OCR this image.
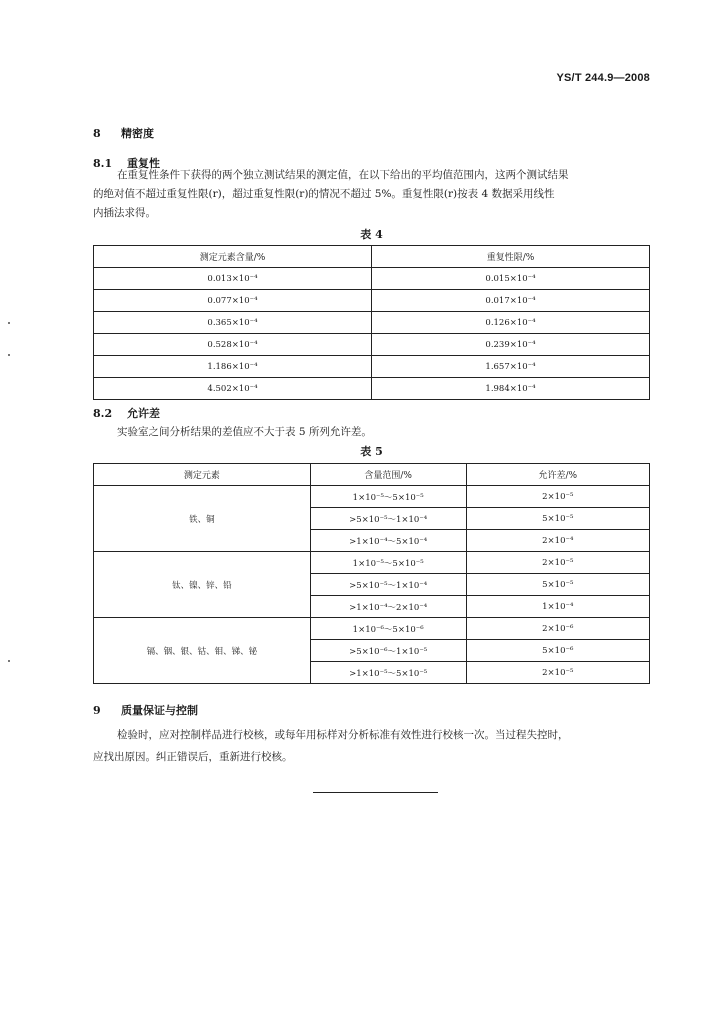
YS/T 244.9—2008
8 精密度
8.1 重复性
在重复性条件下获得的两个独立测试结果的测定值，在以下给出的平均值范围内，这两个测试结果
的绝对值不超过重复性限(r)，超过重复性限(r)的情况不超过 5%。重复性限(r)按表 4 数据采用线性
内插法求得。
表 4
测定元素含量/%	重复性限/%
0.013×10⁻⁴	0.015×10⁻⁴
0.077×10⁻⁴	0.017×10⁻⁴
0.365×10⁻⁴	0.126×10⁻⁴
0.528×10⁻⁴	0.239×10⁻⁴
1.186×10⁻⁴	1.657×10⁻⁴
4.502×10⁻⁴	1.984×10⁻⁴
8.2 允许差
实验室之间分析结果的差值应不大于表 5 所列允许差。
表 5
测定元素	含量范围/%	允许差/%
铁、铜	1×10⁻⁵～5×10⁻⁵	2×10⁻⁵
	>5×10⁻⁵～1×10⁻⁴	5×10⁻⁵
	>1×10⁻⁴～5×10⁻⁴	2×10⁻⁴
钛、镍、锌、铅	1×10⁻⁵～5×10⁻⁵	2×10⁻⁵
	>5×10⁻⁵～1×10⁻⁴	5×10⁻⁵
	>1×10⁻⁴～2×10⁻⁴	1×10⁻⁴
镉、铟、银、钴、钼、锑、铋	1×10⁻⁶～5×10⁻⁶	2×10⁻⁶
	>5×10⁻⁶～1×10⁻⁵	5×10⁻⁶
	>1×10⁻⁵～5×10⁻⁵	2×10⁻⁵
9 质量保证与控制
检验时，应对控制样品进行校核，或每年用标样对分析标准有效性进行校核一次。当过程失控时，
应找出原因。纠正错误后，重新进行校核。
